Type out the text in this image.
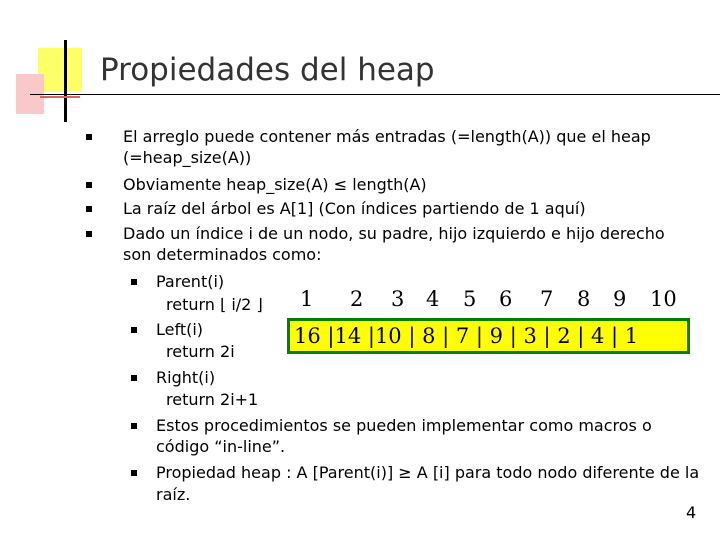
Propiedades del heap
El arreglo puede contener más entradas (=length(A)) que el heap
(=heap_size(A))
Obviamente heap_size(A) ≤ length(A)
La raíz del árbol es A[1] (Con índices partiendo de 1 aquí)
Dado un índice i de un nodo, su padre, hijo izquierdo e hijo derecho
son determinados como:
Parent(i)
return ⌊ i/2 ⌋
Left(i)
return 2i
Right(i)
return 2i+1
Estos procedimientos se pueden implementar como macros o
código “in-line”.
Propiedad heap : A [Parent(i)] ≥ A [i] para todo nodo diferente de la
raíz.
1 2 3 4 5 6 7 8 9 10
16 |14 |10 | 8 | 7 | 9 | 3 | 2 | 4 | 1
4
